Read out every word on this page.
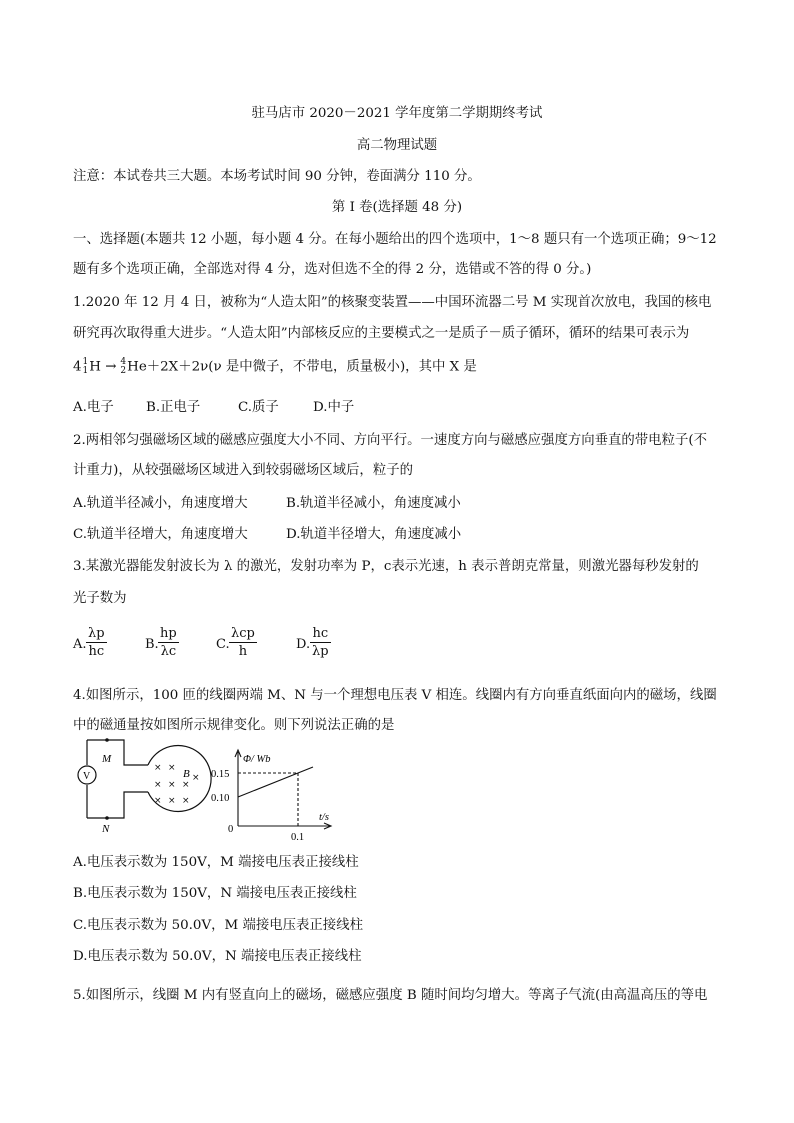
驻马店市 2020－2021 学年度第二学期期终考试
高二物理试题
注意：本试卷共三大题。本场考试时间 90 分钟，卷面满分 110 分。
第 I 卷(选择题 48 分)
一、选择题(本题共 12 小题，每小题 4 分。在每小题给出的四个选项中，1～8 题只有一个选项正确；9～12
题有多个选项正确，全部选对得 4 分，选对但选不全的得 2 分，选错或不答的得 0 分。)
1.2020 年 12 月 4 日，被称为“人造太阳”的核聚变装置——中国环流器二号 M 实现首次放电，我国的核电
研究再次取得重大进步。“人造太阳”内部核反应的主要模式之一是质子－质子循环，循环的结果可表示为
4 1
1 H → 4
2 He＋2X＋2ν(ν 是中微子，不带电，质量极小)，其中 X 是
A.电子 B.正电子	C.质子	D.中子
2.两相邻匀强磁场区域的磁感应强度大小不同、方向平行。一速度方向与磁感应强度方向垂直的带电粒子(不
计重力)，从较强磁场区域进入到较弱磁场区域后，粒子的
A.轨道半径减小，角速度增大	B.轨道半径减小，角速度减小
C.轨道半径增大，角速度增大	D.轨道半径增大，角速度减小
3.某激光器能发射波长为 λ 的激光，发射功率为 P，c表示光速，h 表示普朗克常量，则激光器每秒发射的
光子数为
A. $\frac{\lambda p}{hc}$	B. $\frac{hp}{\lambda c}$	C.
λcp
h	D. $\frac{hc}{\lambda p}$
4.如图所示，100 匝的线圈两端 M、N 与一个理想电压表 V 相连。线圈内有方向垂直纸面向内的磁场，线圈
中的磁通量按如图所示规律变化。则下列说法正确的是
V
M
N
× ×
× × ×
× × ×
×
B
Φ/ Wb
t/s
0.15
0.10
0
0.1
A.电压表示数为 150V，M 端接电压表正接线柱
B.电压表示数为 150V，N 端接电压表正接线柱
C.电压表示数为 50.0V，M 端接电压表正接线柱
D.电压表示数为 50.0V，N 端接电压表正接线柱
5.如图所示，线圈 M 内有竖直向上的磁场，磁感应强度 B 随时间均匀增大。等离子气流(由高温高压的等电
